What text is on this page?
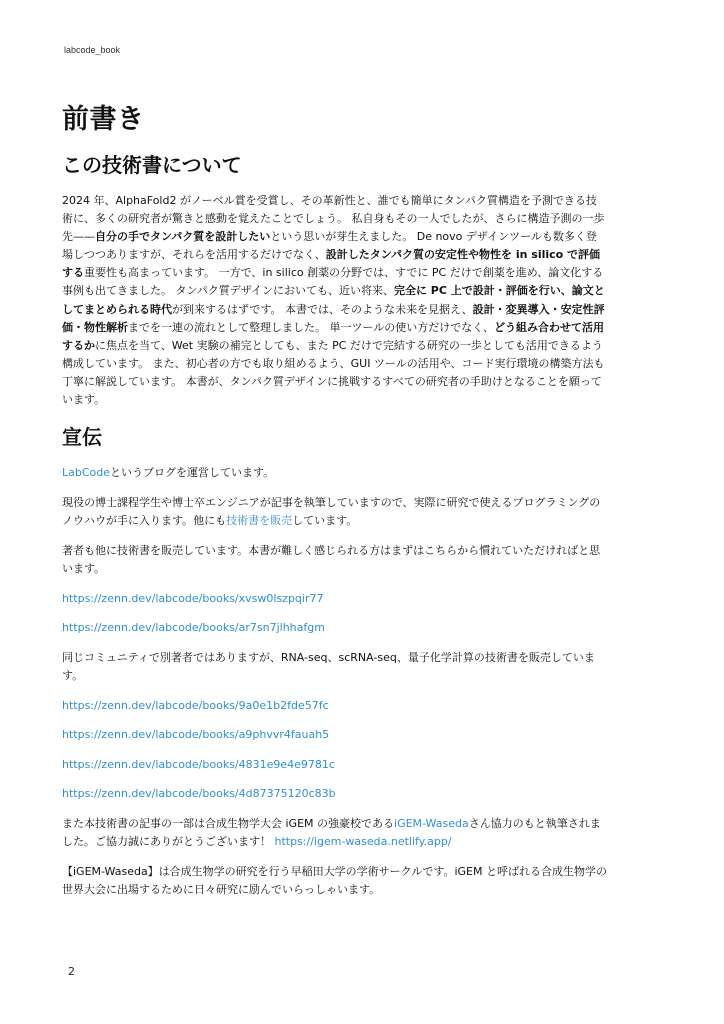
labcode_book
前書き
この技術書について

2024 年、AlphaFold2 がノーベル賞を受賞し、その革新性と、誰でも簡単にタンパク質構造を予測できる技術に、多くの研究者が驚きと感動を覚えたことでしょう。 私自身もその一人でしたが、さらに構造予測の一歩先——自分の手でタンパク質を設計したいという思いが芽生えました。 De novo デザインツールも数多く登場しつつありますが、それらを活用するだけでなく、設計したタンパク質の安定性や物性を in silico で評価する重要性も高まっています。 一方で、in silico 創薬の分野では、すでに PC だけで創薬を進め、論文化する事例も出てきました。 タンパク質デザインにおいても、近い将来、完全に PC 上で設計・評価を行い、論文としてまとめられる時代が到来するはずです。 本書では、そのような未来を見据え、設計・変異導入・安定性評価・物性解析までを一連の流れとして整理しました。 単一ツールの使い方だけでなく、どう組み合わせて活用するかに焦点を当て、Wet 実験の補完としても、また PC だけで完結する研究の一歩としても活用できるよう構成しています。 また、初心者の方でも取り組めるよう、GUI ツールの活用や、コード実行環境の構築方法も丁寧に解説しています。 本書が、タンパク質デザインに挑戦するすべての研究者の手助けとなることを願っています。

宣伝

LabCodeというブログを運営しています。

現役の博士課程学生や博士卒エンジニアが記事を執筆していますので、実際に研究で使えるプログラミングのノウハウが手に入ります。他にも技術書を販売しています。

著者も他に技術書を販売しています。本書が難しく感じられる方はまずはこちらから慣れていただければと思います。

https://zenn.dev/labcode/books/xvsw0lszpqir77

https://zenn.dev/labcode/books/ar7sn7jlhhafgm

同じコミュニティで別著者ではありますが、RNA-seq、scRNA-seq、量子化学計算の技術書を販売しています。

https://zenn.dev/labcode/books/9a0e1b2fde57fc

https://zenn.dev/labcode/books/a9phvvr4fauah5

https://zenn.dev/labcode/books/4831e9e4e9781c

https://zenn.dev/labcode/books/4d87375120c83b

また本技術書の記事の一部は合成生物学大会 iGEM の強豪校であるiGEM-Wasedaさん協力のもと執筆されました。ご協力誠にありがとうございます！ https://igem-waseda.netlify.app/

【iGEM-Waseda】は合成生物学の研究を行う早稲田大学の学術サークルです。iGEM と呼ばれる合成生物学の世界大会に出場するために日々研究に励んでいらっしゃいます。

2
